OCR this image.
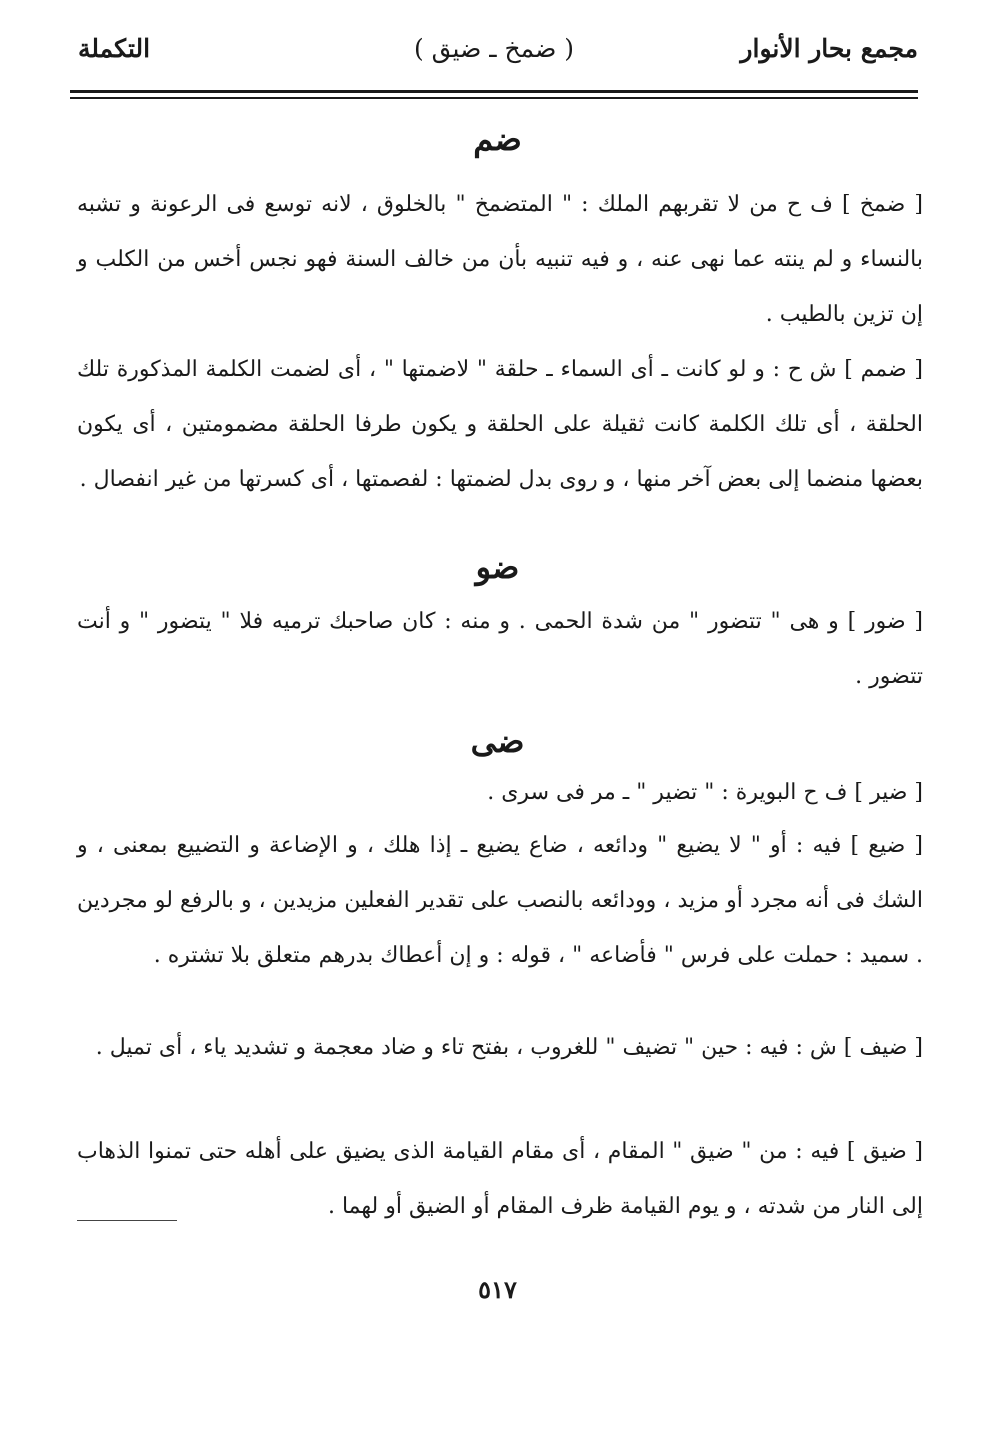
مجمع بحار الأنوار
( ضمخ ـ ضيق )
التكملة
ضم

[ ضمخ ] ف ح من لا تقربهم الملك : " المتضمخ " بالخلوق ، لانه توسع فى الرعونة و تشبه بالنساء و لم ينته عما نهى عنه ، و فيه تنبيه بأن من خالف السنة فهو نجس أخس من الكلب و إن تزين بالطيب .

[ ضمم ] ش ح : و لو كانت ـ أى السماء ـ حلقة " لاضمتها " ، أى لضمت الكلمة المذكورة تلك الحلقة ، أى تلك الكلمة كانت ثقيلة على الحلقة و يكون طرفا الحلقة مضمومتين ، أى يكون بعضها منضما إلى بعض آخر منها ، و روى بدل لضمتها : لفصمتها ، أى كسرتها من غير انفصال .

ضو

[ ضور ] و هى " تتضور " من شدة الحمى . و منه : كان صاحبك ترميه فلا " يتضور " و أنت تتضور .

ضى

[ ضير ] ف ح البويرة : " تضير " ـ مر فى سرى .

[ ضيع ] فيه : أو " لا يضيع " ودائعه ، ضاع يضيع ـ إذا هلك ، و الإضاعة و التضييع بمعنى ، و الشك فى أنه مجرد أو مزيد ، وودائعه بالنصب على تقدير الفعلين مزيدين ، و بالرفع لو مجردين . سميد : حملت على فرس " فأضاعه " ، قوله : و إن أعطاك بدرهم متعلق بلا تشتره .

[ ضيف ] ش : فيه : حين " تضيف " للغروب ، بفتح تاء و ضاد معجمة و تشديد ياء ، أى تميل .

[ ضيق ] فيه : من " ضيق " المقام ، أى مقام القيامة الذى يضيق على أهله حتى تمنوا الذهاب إلى النار من شدته ، و يوم القيامة ظرف المقام أو الضيق أو لهما .

٥١٧
